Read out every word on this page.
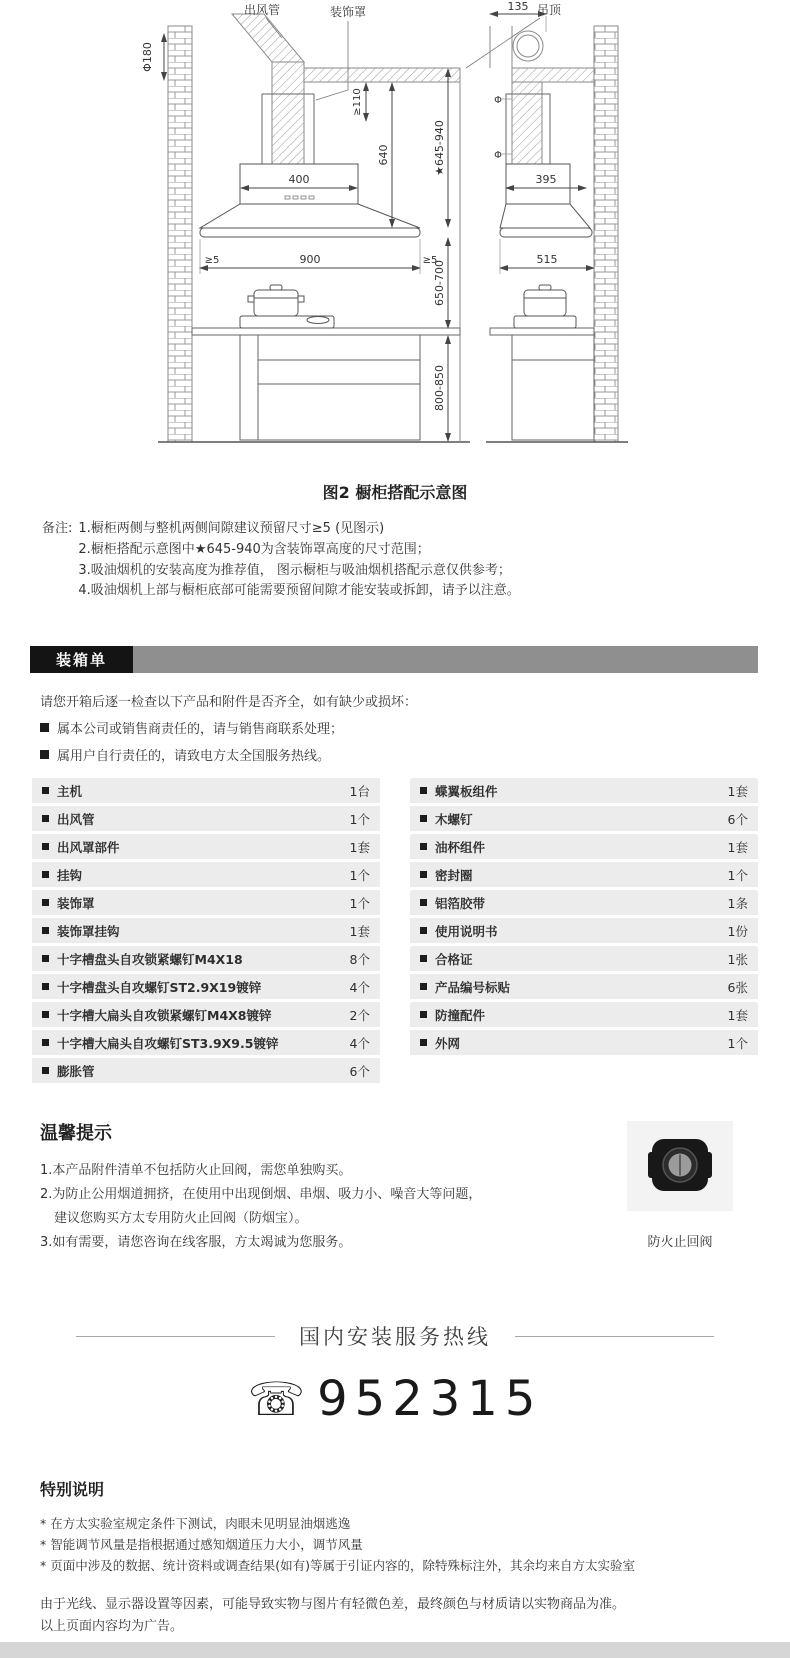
400
640	★645-940
≥110
≥5	900	≥5
650-700
800-850
Φ180
出风管	装饰罩	吊顶
Φ
Φ
135
395
515
图2 橱柜搭配示意图
备注: 1.橱柜两侧与整机两侧间隙建议预留尺寸≥5 (见图示)
2.橱柜搭配示意图中★645-940为含装饰罩高度的尺寸范围；
3.吸油烟机的安装高度为推荐值， 图示橱柜与吸油烟机搭配示意仅供参考；
4.吸油烟机上部与橱柜底部可能需要预留间隙才能安装或拆卸，请予以注意。
装箱单
请您开箱后逐一检查以下产品和附件是否齐全，如有缺少或损坏：
属本公司或销售商责任的，请与销售商联系处理；
属用户自行责任的，请致电方太全国服务热线。
主机	1台
出风管	1个
出风罩部件	1套
挂钩	1个
装饰罩	1个
装饰罩挂钩	1套
十字槽盘头自攻锁紧螺钉M4X18	8个
十字槽盘头自攻螺钉ST2.9X19镀锌	4个
十字槽大扁头自攻锁紧螺钉M4X8镀锌	2个
十字槽大扁头自攻螺钉ST3.9X9.5镀锌	4个
膨胀管	6个
蝶翼板组件	1套
木螺钉	6个
油杯组件	1套
密封圈	1个
铝箔胶带	1条
使用说明书	1份
合格证	1张
产品编号标贴	6张
防撞配件	1套
外网	1个
温馨提示
1.本产品附件清单不包括防火止回阀，需您单独购买。
2.为防止公用烟道拥挤，在使用中出现倒烟、串烟、吸力小、噪音大等问题，
建议您购买方太专用防火止回阀（防烟宝）。
3.如有需要，请您咨询在线客服，方太竭诚为您服务。	防火止回阀
国内安装服务热线
☏ 952315
特别说明
* 在方太实验室规定条件下测试，肉眼未见明显油烟逃逸
* 智能调节风量是指根据通过感知烟道压力大小，调节风量
* 页面中涉及的数据、统计资料或调查结果(如有)等属于引证内容的，除特殊标注外，其余均来自方太实验室
由于光线、显示器设置等因素，可能导致实物与图片有轻微色差，最终颜色与材质请以实物商品为准。
以上页面内容均为广告。
